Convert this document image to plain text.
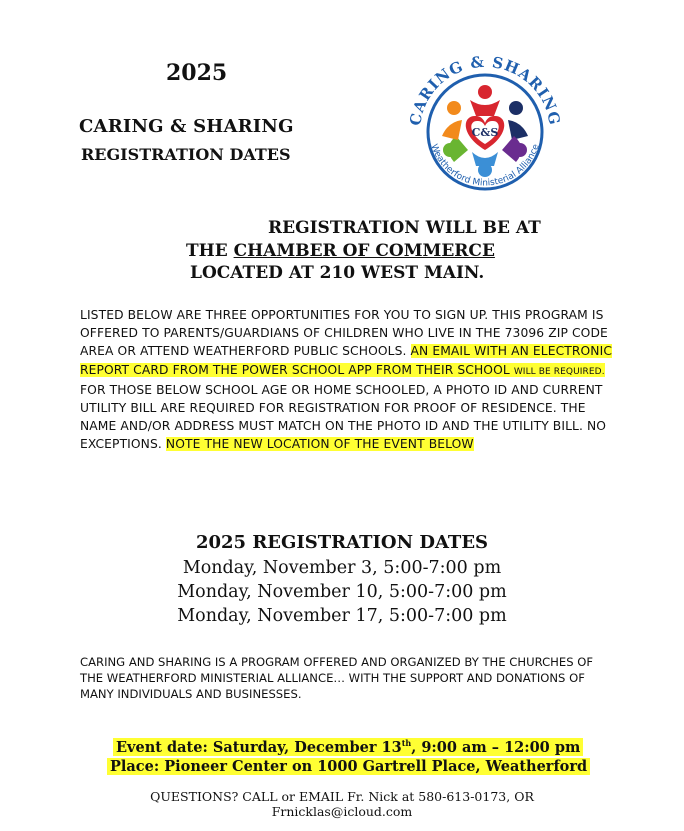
2025
CARING & SHARING
REGISTRATION DATES
CARING & SHARING
Weatherford Ministerial Alliance
C&S
REGISTRATION WILL BE AT
THE CHAMBER OF COMMERCE
LOCATED AT 210 WEST MAIN.
LISTED BELOW ARE THREE OPPORTUNITIES FOR YOU TO SIGN UP. THIS PROGRAM IS OFFERED TO PARENTS/GUARDIANS OF CHILDREN WHO LIVE IN THE 73096 ZIP CODE AREA OR ATTEND WEATHERFORD PUBLIC SCHOOLS. AN EMAIL WITH AN ELECTRONIC REPORT CARD FROM THE POWER SCHOOL APP FROM THEIR SCHOOL WILL BE REQUIRED. FOR THOSE BELOW SCHOOL AGE OR HOME SCHOOLED, A PHOTO ID AND CURRENT UTILITY BILL ARE REQUIRED FOR REGISTRATION FOR PROOF OF RESIDENCE. THE NAME AND/OR ADDRESS MUST MATCH ON THE PHOTO ID AND THE UTILITY BILL. NO EXCEPTIONS. NOTE THE NEW LOCATION OF THE EVENT BELOW
2025 REGISTRATION DATES
Monday, November 3, 5:00-7:00 pm
Monday, November 10, 5:00-7:00 pm
Monday, November 17, 5:00-7:00 pm
CARING AND SHARING IS A PROGRAM OFFERED AND ORGANIZED BY THE CHURCHES OF THE WEATHERFORD MINISTERIAL ALLIANCE… WITH THE SUPPORT AND DONATIONS OF MANY INDIVIDUALS AND BUSINESSES.
Event date: Saturday, December 13th, 9:00 am – 12:00 pm
Place: Pioneer Center on 1000 Gartrell Place, Weatherford
QUESTIONS? CALL or EMAIL Fr. Nick at 580-613-0173, OR
Frnicklas@icloud.com
